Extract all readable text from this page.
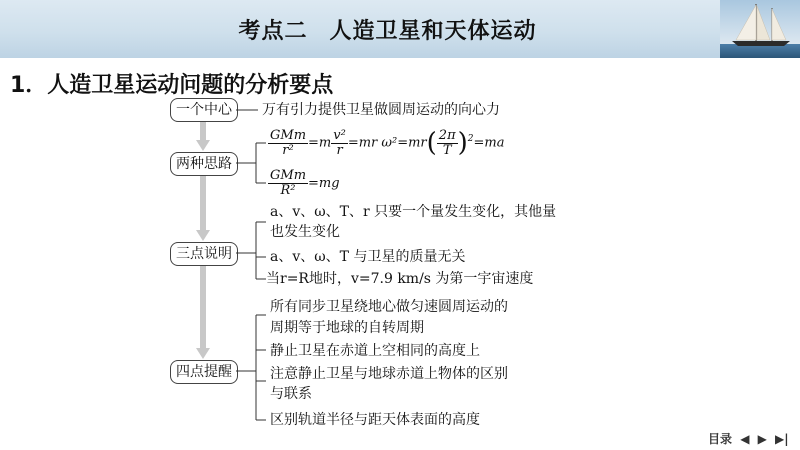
考点二 人造卫星和天体运动
1．人造卫星运动问题的分析要点
一个中心
两种思路
三点说明
四点提醒
万有引力提供卫星做圆周运动的向心力
$\frac{\text{GMm}}{\text{r²}} =m \frac{\text{v²}}{r} =mr$ $\omega^2=mr( \frac{2\pi}{T} )^2=ma$
$\frac{\text{GMm}}{\text{R²}} =mg$
a、v、ω、T、r 只要一个量发生变化，其他量
也发生变化
a、v、ω、T 与卫星的质量无关
当r=R地时，v=7.9 km/s 为第一宇宙速度
所有同步卫星绕地心做匀速圆周运动的
周期等于地球的自转周期
静止卫星在赤道上空相同的高度上
注意静止卫星与地球赤道上物体的区别
与联系
区别轨道半径与距天体表面的高度
目录 ◀ ▶ ▶|
